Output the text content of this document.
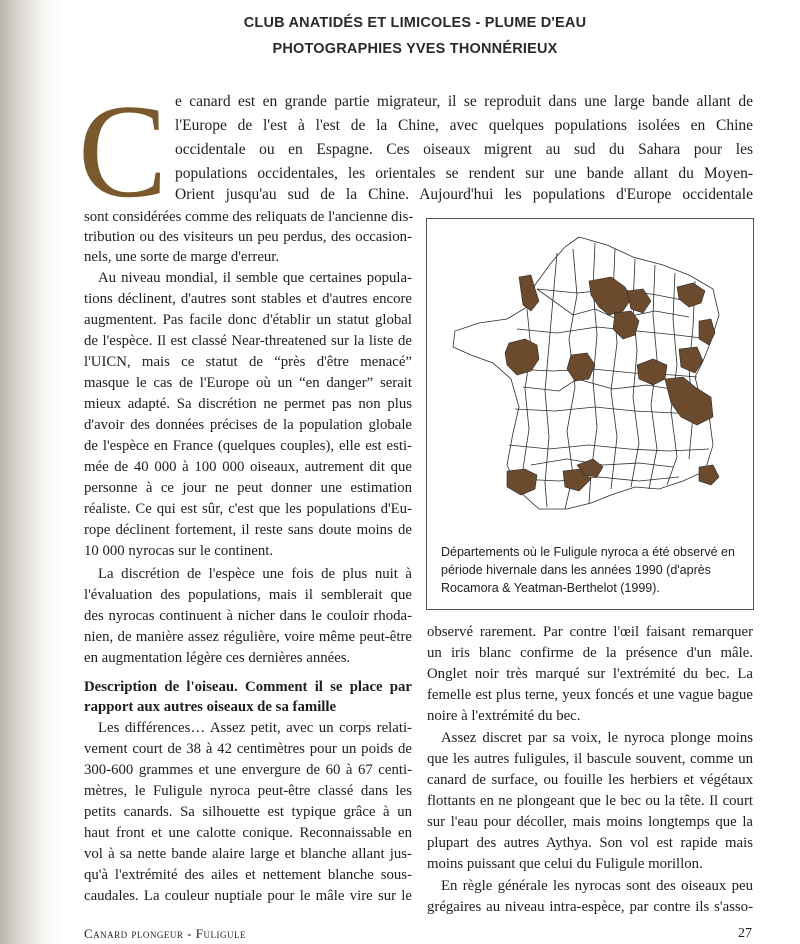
CLUB ANATIDÉS ET LIMICOLES - PLUME D'EAU
PHOTOGRAPHIES YVES THONNÉRIEUX
C e canard est en grande partie migrateur, il se reproduit dans une large bande allant de
l'Europe de l'est à l'est de la Chine, avec quelques populations isolées en Chine
occidentale ou en Espagne. Ces oiseaux migrent au sud du Sahara pour les
populations occidentales, les orientales se rendent sur une bande allant du Moyen-
Orient jusqu'au sud de la Chine. Aujourd'hui les populations d'Europe occidentale
sont considérées comme des reliquats de l'ancienne dis-
tribution ou des visiteurs un peu perdus, des occasion-
nels, une sorte de marge d'erreur.
Au niveau mondial, il semble que certaines popula-
tions déclinent, d'autres sont stables et d'autres encore
augmentent. Pas facile donc d'établir un statut global
de l'espèce. Il est classé Near-threatened sur la liste de
l'UICN, mais ce statut de “près d'être menacé”
masque le cas de l'Europe où un “en danger” serait
mieux adapté. Sa discrétion ne permet pas non plus
d'avoir des données précises de la population globale
de l'espèce en France (quelques couples), elle est esti-
mée de 40 000 à 100 000 oiseaux, autrement dit que
personne à ce jour ne peut donner une estimation
réaliste. Ce qui est sûr, c'est que les populations d'Eu-
rope déclinent fortement, il reste sans doute moins de
10 000 nyrocas sur le continent.
La discrétion de l'espèce une fois de plus nuit à
l'évaluation des populations, mais il semblerait que
des nyrocas continuent à nicher dans le couloir rhoda-
nien, de manière assez régulière, voire même peut-être
en augmentation légère ces dernières années.
Départements où le Fuligule nyroca a été observé en période hivernale dans les années 1990 (d'après Rocamora & Yeatman-Berthelot (1999).
Description de l'oiseau. Comment il se place par
rapport aux autres oiseaux de sa famille
Les différences… Assez petit, avec un corps relati-
vement court de 38 à 42 centimètres pour un poids de
300-600 grammes et une envergure de 60 à 67 centi-
mètres, le Fuligule nyroca peut-être classé dans les
petits canards. Sa silhouette est typique grâce à un
haut front et une calotte conique. Reconnaissable en
vol à sa nette bande alaire large et blanche allant jus-
qu'à l'extrémité des ailes et nettement blanche sous-
caudales. La couleur nuptiale pour le mâle vire sur le
observé rarement. Par contre l'œil faisant remarquer
un iris blanc confirme de la présence d'un mâle.
Onglet noir très marqué sur l'extrémité du bec. La
femelle est plus terne, yeux foncés et une vague bague
noire à l'extrémité du bec.
Assez discret par sa voix, le nyroca plonge moins
que les autres fuligules, il bascule souvent, comme un
canard de surface, ou fouille les herbiers et végétaux
flottants en ne plongeant que le bec ou la tête. Il court
sur l'eau pour décoller, mais moins longtemps que la
plupart des autres Aythya. Son vol est rapide mais
moins puissant que celui du Fuligule morillon.
En règle générale les nyrocas sont des oiseaux peu
grégaires au niveau intra-espèce, par contre ils s'asso-
Canard plongeur - Fuligule	27
